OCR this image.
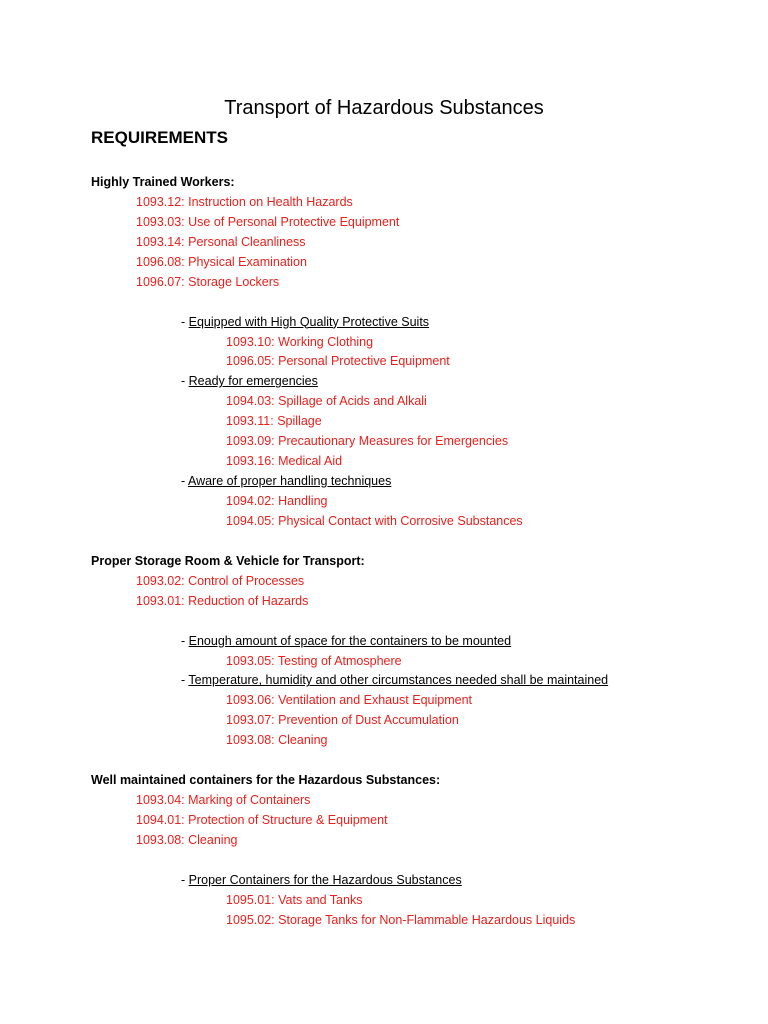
Transport of Hazardous Substances
REQUIREMENTS
Highly Trained Workers:
1093.12: Instruction on Health Hazards
1093.03: Use of Personal Protective Equipment
1093.14: Personal Cleanliness
1096.08: Physical Examination
1096.07: Storage Lockers
- Equipped with High Quality Protective Suits
1093.10: Working Clothing
1096.05: Personal Protective Equipment
- Ready for emergencies
1094.03: Spillage of Acids and Alkali
1093.11: Spillage
1093.09: Precautionary Measures for Emergencies
1093.16: Medical Aid
- Aware of proper handling techniques
1094.02: Handling
1094.05: Physical Contact with Corrosive Substances
Proper Storage Room & Vehicle for Transport:
1093.02: Control of Processes
1093.01: Reduction of Hazards
- Enough amount of space for the containers to be mounted
1093.05: Testing of Atmosphere
- Temperature, humidity and other circumstances needed shall be maintained
1093.06: Ventilation and Exhaust Equipment
1093.07: Prevention of Dust Accumulation
1093.08: Cleaning
Well maintained containers for the Hazardous Substances:
1093.04: Marking of Containers
1094.01: Protection of Structure & Equipment
1093.08: Cleaning
- Proper Containers for the Hazardous Substances
1095.01: Vats and Tanks
1095.02: Storage Tanks for Non-Flammable Hazardous Liquids
